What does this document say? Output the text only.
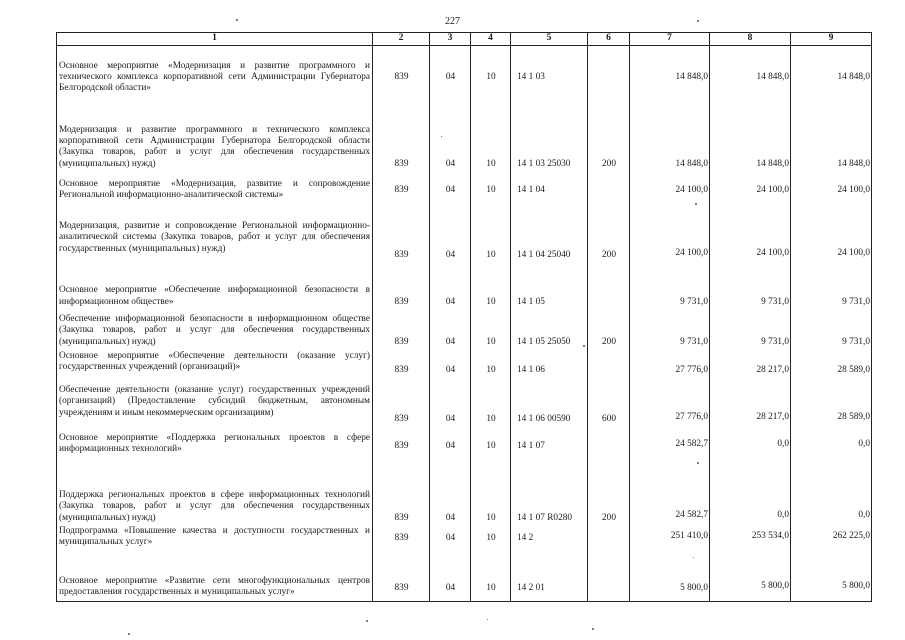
227
1	2	3	4	5	6	7	8	9
Основное мероприятие «Модернизация и развитие программного и технического комплекса корпоративной сети Администрации Губернатора Белгородской области»	839	04	10	14 1 03		14 848,0	14 848,0	14 848,0
Модернизация и развитие программного и технического комплекса корпоративной сети Администрации Губернатора Белгородской области (Закупка товаров, работ и услуг для обеспечения государственных (муниципальных) нужд)	839	04	10	14 1 03 25030	200	14 848,0	14 848,0	14 848,0
Основное мероприятие «Модернизация, развитие и сопровождение Региональной информационно-аналитической системы»	839	04	10	14 1 04		24 100,0	24 100,0	24 100,0
Модернизация, развитие и сопровождение Региональной информационно-аналитической системы (Закупка товаров, работ и услуг для обеспечения государственных (муниципальных) нужд)	839	04	10	14 1 04 25040	200	24 100,0	24 100,0	24 100,0
Основное мероприятие «Обеспечение информационной безопасности в информационном обществе»	839	04	10	14 1 05		9 731,0	9 731,0	9 731,0
Обеспечение информационной безопасности в информационном обществе (Закупка товаров, работ и услуг для обеспечения государственных (муниципальных) нужд)	839	04	10	14 1 05 25050	200	9 731,0	9 731,0	9 731,0
Основное мероприятие «Обеспечение деятельности (оказание услуг) государственных учреждений (организаций)»	839	04	10	14 1 06		27 776,0	28 217,0	28 589,0
Обеспечение деятельности (оказание услуг) государственных учреждений (организаций) (Предоставление субсидий бюджетным, автономным учреждениям и иным некоммерческим организациям)	839	04	10	14 1 06 00590	600	27 776,0	28 217,0	28 589,0
Основное мероприятие «Поддержка региональных проектов в сфере информационных технологий»	839	04	10	14 1 07		24 582,7	0,0	0,0
Поддержка региональных проектов в сфере информационных технологий (Закупка товаров, работ и услуг для обеспечения государственных (муниципальных) нужд)	839	04	10	14 1 07 R0280	200	24 582,7	0,0	0,0
Подпрограмма «Повышение качества и доступности государственных и муниципальных услуг»	839	04	10	14 2		251 410,0	253 534,0	262 225,0
Основное мероприятие «Развитие сети многофункциональных центров предоставления государственных и муниципальных услуг»	839	04	10	14 2 01		5 800,0	5 800,0	5 800,0
